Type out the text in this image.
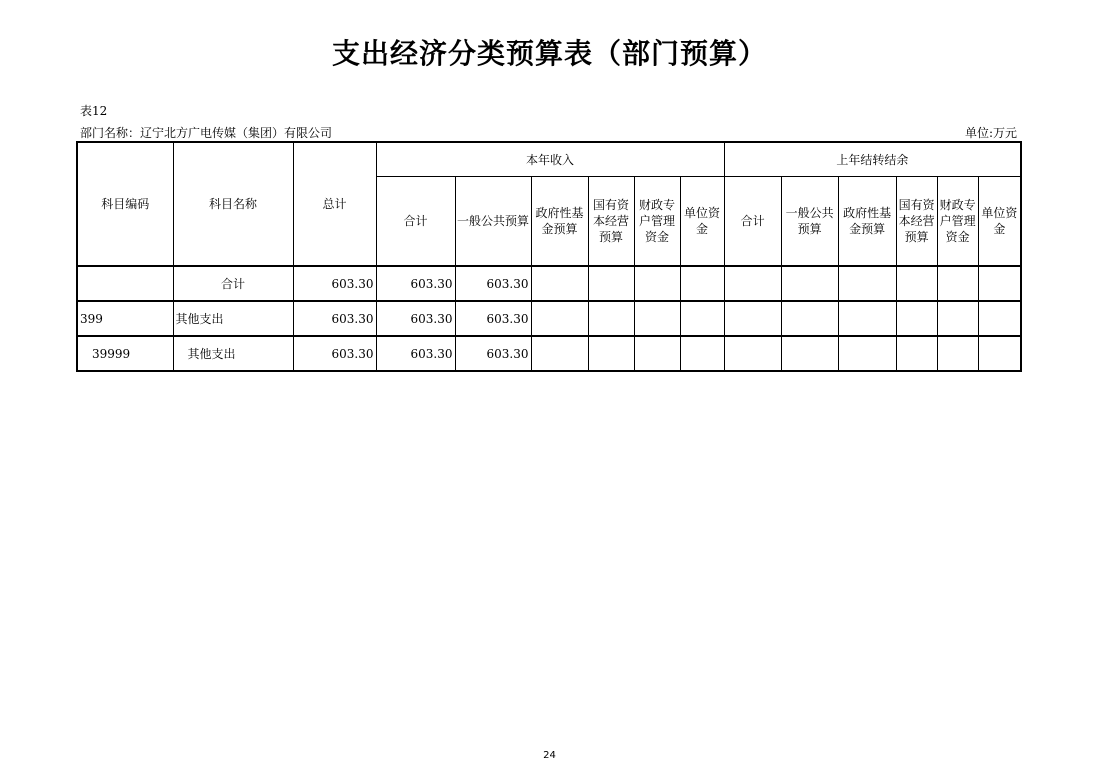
支出经济分类预算表（部门预算）
表12
部门名称：辽宁北方广电传媒（集团）有限公司	单位:万元
科目编码	科目名称	总计	本年收入						上年结转结余					
			合计	一般公共预算	政府性基金预算	国有资本经营预算	财政专户管理资金	单位资金	合计	一般公共预算	政府性基金预算	国有资本经营预算	财政专户管理资金	单位资金
	合计	603.30	603.30	603.30										
399	其他支出	603.30	603.30	603.30										
39999	其他支出	603.30	603.30	603.30										
24
